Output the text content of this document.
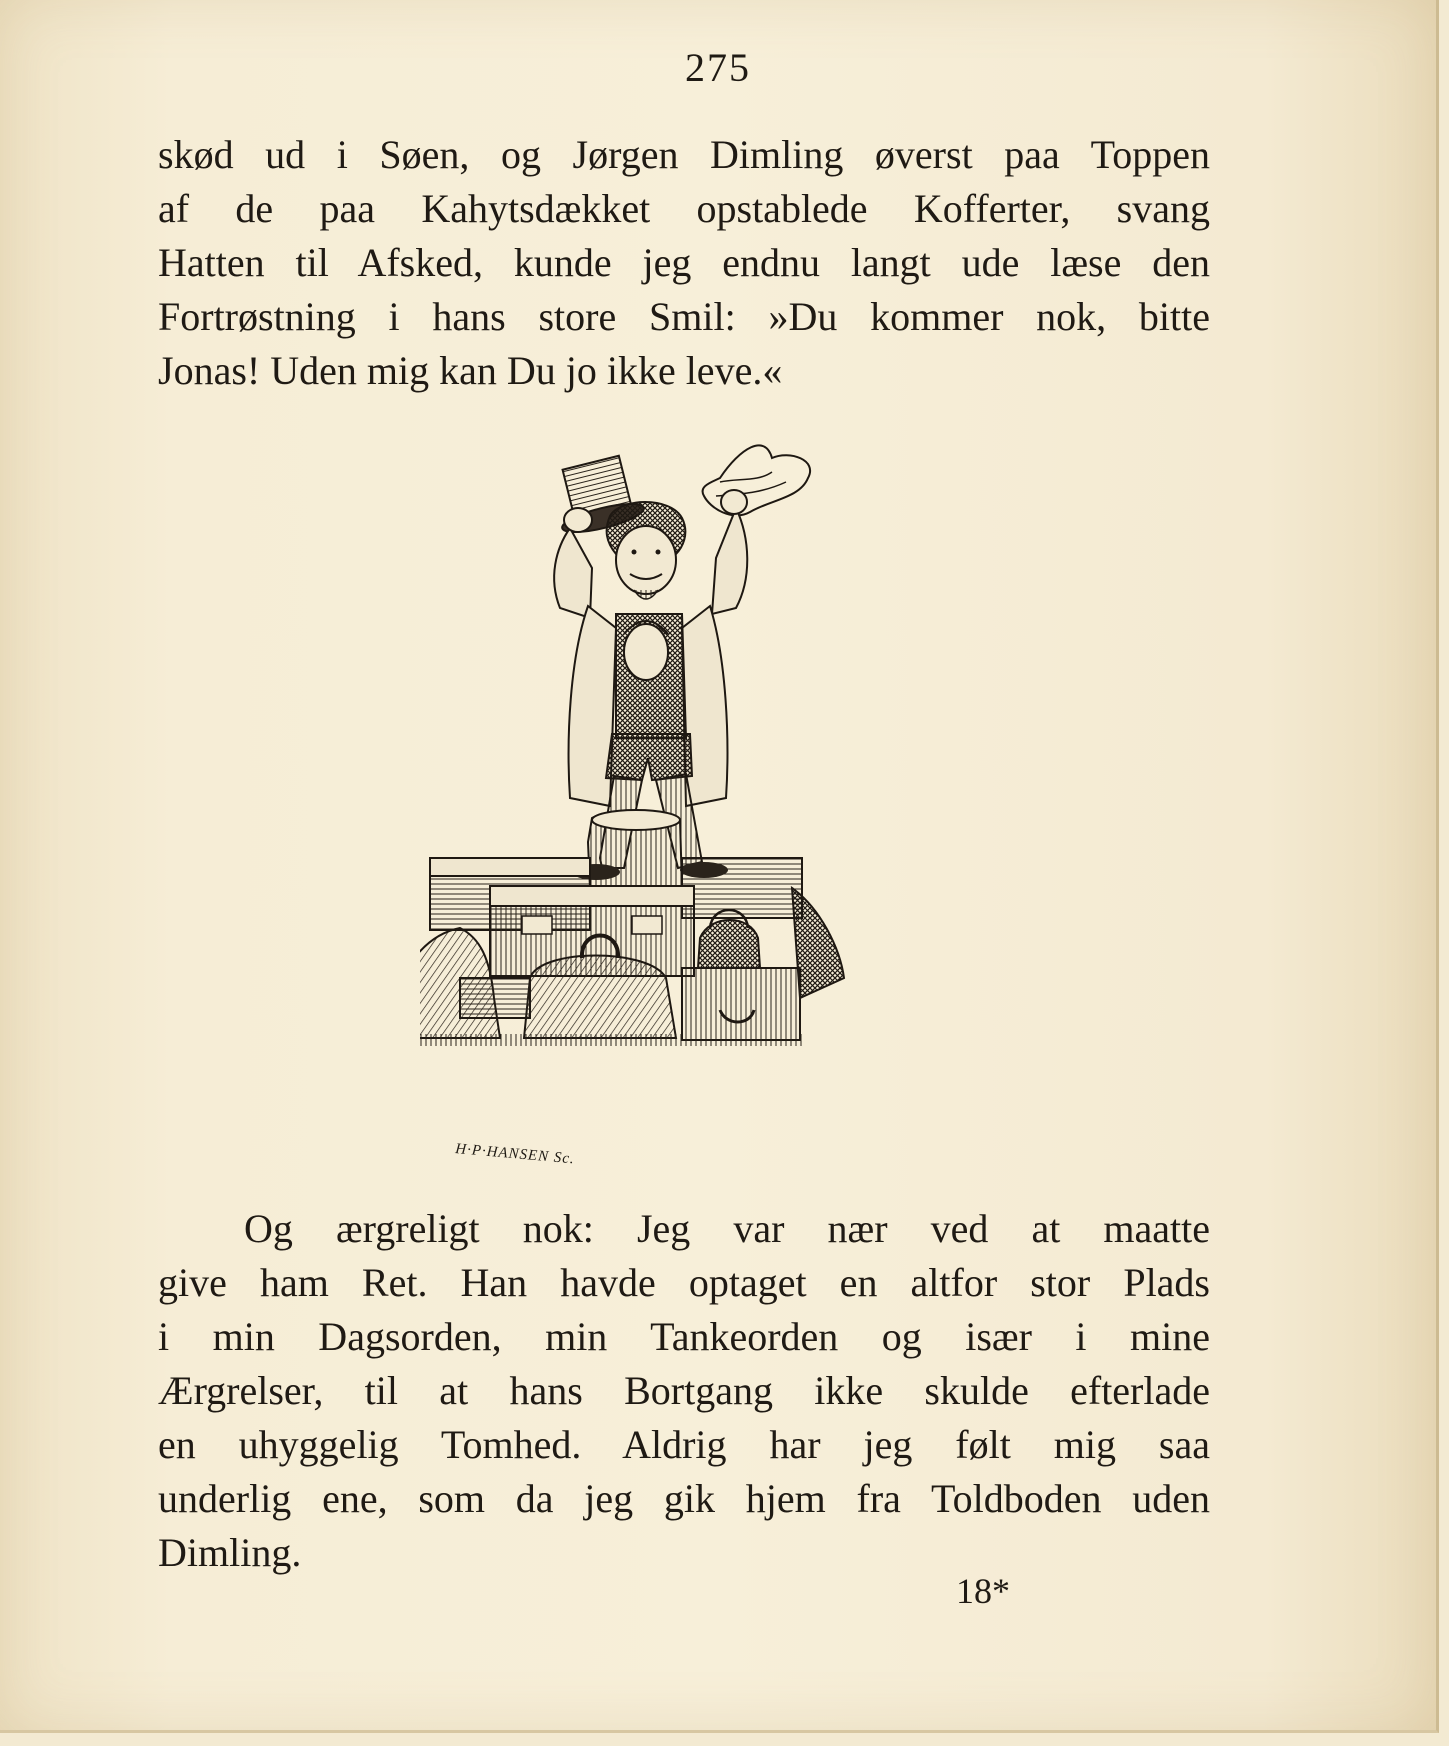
275
skød ud i Søen, og Jørgen Dimling øverst paa Toppen
af de paa Kahytsdækket opstablede Kofferter, svang
Hatten til Afsked, kunde jeg endnu langt ude læse den
Fortrøstning i hans store Smil: »Du kommer nok, bitte
Jonas! Uden mig kan Du jo ikke leve.«
H·P·HANSEN Sc.
Og ærgreligt nok: Jeg var nær ved at maatte
give ham Ret. Han havde optaget en altfor stor Plads
i min Dagsorden, min Tankeorden og især i mine
Ærgrelser, til at hans Bortgang ikke skulde efterlade
en uhyggelig Tomhed. Aldrig har jeg følt mig saa
underlig ene, som da jeg gik hjem fra Toldboden uden
Dimling.
18*
